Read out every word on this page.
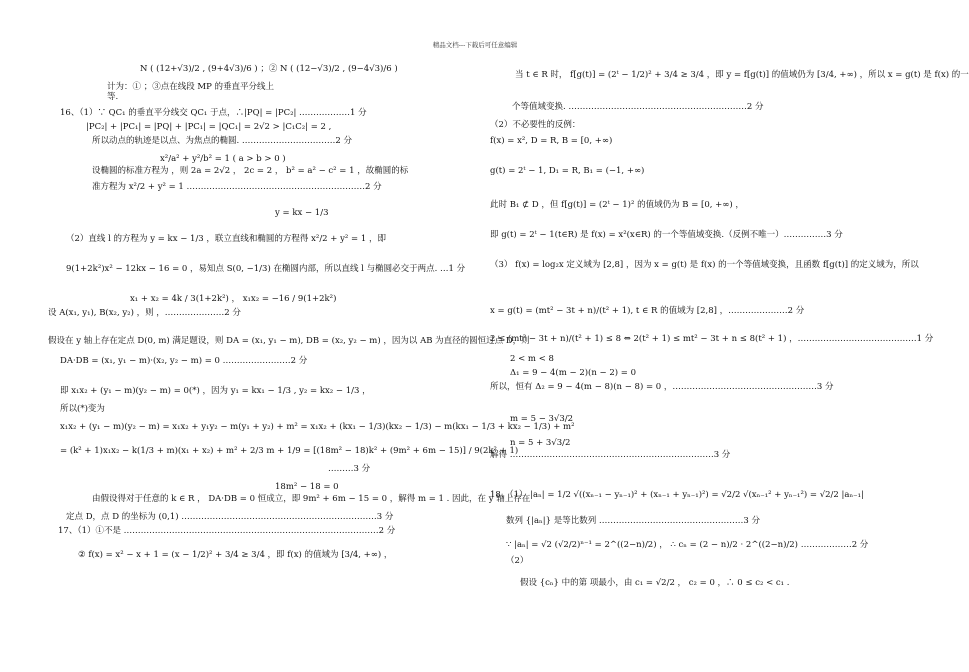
精品文档---下载后可任意编辑
N ( (12+√3)/2 , (9+4√3)/6 ) ；② N ( (12−√3)/2 , (9−4√3)/6 )
计为：① ；③点在线段 MP 的垂直平分线上
等.
16、（1）∵ QC₁ 的垂直平分线交 QC₁ 于点，∴|PQ| = |PC₂| ………………1 分
|PC₂| + |PC₁| = |PQ| + |PC₁| = |QC₁| = 2√2 > |C₁C₂| = 2 ,
所以动点的轨迹是以点、为焦点的椭圆. ……………………………2 分
x²/a² + y²/b² = 1 ( a > b > 0 )
设椭圆的标准方程为 ，则 2a = 2√2 ， 2c = 2 ， b² = a² − c² = 1 ，故椭圆的标
准方程为 x²/2 + y² = 1 ………………………………………………………2 分
y = kx − 1/3
（2）直线 l 的方程为 y = kx − 1/3 ，联立直线和椭圆的方程得 x²/2 + y² = 1 ，即
9(1+2k²)x² − 12kx − 16 = 0 ，易知点 S(0, −1/3) 在椭圆内部，所以直线 l 与椭圆必交于两点. …1 分
x₁ + x₂ = 4k / 3(1+2k²) ， x₁x₂ = −16 / 9(1+2k²)
设 A(x₁, y₁), B(x₂, y₂) ，则 ，…………………2 分
假设在 y 轴上存在定点 D(0, m) 满足题设，则 DA = (x₁, y₁ − m), DB = (x₂, y₂ − m) ，因为以 AB 为直径的圆恒过点 D，则
DA·DB = (x₁, y₁ − m)·(x₂, y₂ − m) = 0 ……………………2 分
即 x₁x₂ + (y₁ − m)(y₂ − m) = 0(*) ，因为 y₁ = kx₁ − 1/3 , y₂ = kx₂ − 1/3 ，
所以(*)变为
x₁x₂ + (y₁ − m)(y₂ − m) = x₁x₂ + y₁y₂ − m(y₁ + y₂) + m² = x₁x₂ + (kx₁ − 1/3)(kx₂ − 1/3) − m(kx₁ − 1/3 + kx₂ − 1/3) + m²
= (k² + 1)x₁x₂ − k(1/3 + m)(x₁ + x₂) + m² + 2/3 m + 1/9 = [(18m² − 18)k² + (9m² + 6m − 15)] / 9(2k² + 1)
………3 分
18m² − 18 = 0
由假设得对于任意的 k ∈ R ， DA·DB = 0 恒成立，即 9m² + 6m − 15 = 0 ，解得 m = 1 . 因此，在 y 轴上存在
定点 D，点 D 的坐标为 (0,1) ……………………………………………………………3 分
17、（1）①不是 ………………………………………………………………………………2 分
② f(x) = x² − x + 1 = (x − 1/2)² + 3/4 ≥ 3/4 ，即 f(x) 的值域为 [3/4, +∞) ，
当 t ∈ R 时， f[g(t)] = (2ᵗ − 1/2)² + 3/4 ≥ 3/4 ，即 y = f[g(t)] 的值域仍为 [3/4, +∞) ，所以 x = g(t) 是 f(x) 的一
个等值域变换. ………………………………………………………2 分
（2）不必要性的反例：
f(x) = x², D = R, B = [0, +∞)
g(t) = 2ᵗ − 1, D₁ = R, B₁ = (−1, +∞)
此时 B₁ ⊄ D ，但 f[g(t)] = (2ᵗ − 1)² 的值域仍为 B = [0, +∞) ，
即 g(t) = 2ᵗ − 1(t∈R) 是 f(x) = x²(x∈R) 的一个等值域变换.（反例不唯一）……………3 分
（3） f(x) = log₂x 定义域为 [2,8] ，因为 x = g(t) 是 f(x) 的一个等值域变换，且函数 f[g(t)] 的定义域为，所以
x = g(t) = (mt² − 3t + n)/(t² + 1), t ∈ R 的值域为 [2,8] ，…………………2 分
2 ≤ (mt² − 3t + n)/(t² + 1) ≤ 8 ⇔ 2(t² + 1) ≤ mt² − 3t + n ≤ 8(t² + 1) ，……………………………………1 分
2 < m < 8
Δ₁ = 9 − 4(m − 2)(n − 2) = 0
所以，恒有 Δ₂ = 9 − 4(m − 8)(n − 8) = 0 ，……………………………………………3 分
m = 5 − 3√3/2
n = 5 + 3√3/2
解得 ………………………………………………………………3 分
18、（1） |aₙ| = 1/2 √((xₙ₋₁ − yₙ₋₁)² + (xₙ₋₁ + yₙ₋₁)²) = √2/2 √(xₙ₋₁² + yₙ₋₁²) = √2/2 |aₙ₋₁|
数列 {|aₙ|} 是等比数列 ……………………………………………3 分
∵ |aₙ| = √2 (√2/2)ⁿ⁻¹ = 2^((2−n)/2) ， ∴ cₙ = (2 − n)/2 · 2^((2−n)/2) ………………2 分
（2）
假设 {cₙ} 中的第 项最小，由 c₁ = √2/2 ， c₂ = 0 ，∴ 0 ≤ c₂ < c₁ .
